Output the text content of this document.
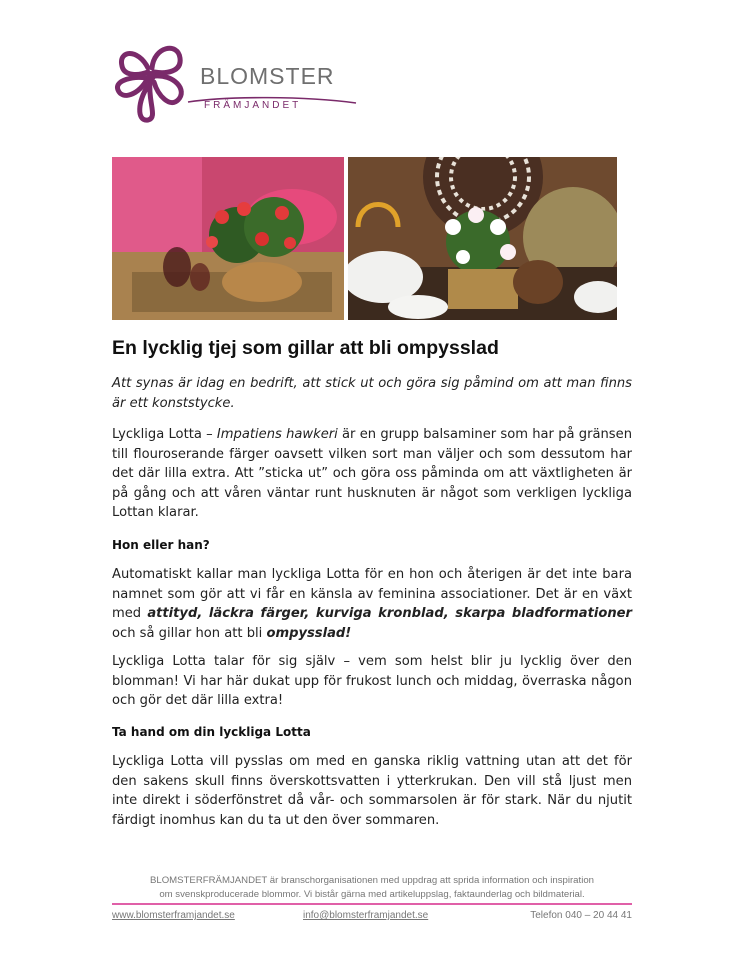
BLOMSTER
FRÄMJANDET
En lycklig tjej som gillar att bli ompysslad

Att synas är idag en bedrift, att stick ut och göra sig påmind om att man finns är ett konststycke.

Lyckliga Lotta – Impatiens hawkeri är en grupp balsaminer som har på gränsen till flouroserande färger oavsett vilken sort man väljer och som dessutom har det där lilla extra. Att ”sticka ut” och göra oss påminda om att växtligheten är på gång och att våren väntar runt husknuten är något som verkligen lyckliga Lottan klarar.

Hon eller han?

Automatiskt kallar man lyckliga Lotta för en hon och återigen är det inte bara namnet som gör att vi får en känsla av feminina associationer. Det är en växt med attityd, läckra färger, kurviga kronblad, skarpa bladformationer och så gillar hon att bli ompysslad!

Lyckliga Lotta talar för sig själv – vem som helst blir ju lycklig över den blomman! Vi har här dukat upp för frukost lunch och middag, överraska någon och gör det där lilla extra!

Ta hand om din lyckliga Lotta

Lyckliga Lotta vill pysslas om med en ganska riklig vattning utan att det för den sakens skull finns överskottsvatten i ytterkrukan. Den vill stå ljust men inte direkt i söderfönstret då vår- och sommarsolen är för stark. När du njutit färdigt inomhus kan du ta ut den över sommaren.

BLOMSTERFRÄMJANDET är branschorganisationen med uppdrag att sprida information och inspiration
om svenskproducerade blommor. Vi bistår gärna med artikeluppslag, faktaunderlag och bildmaterial.
www.blomsterframjandet.se	info@blomsterframjandet.se	Telefon 040 – 20 44 41
